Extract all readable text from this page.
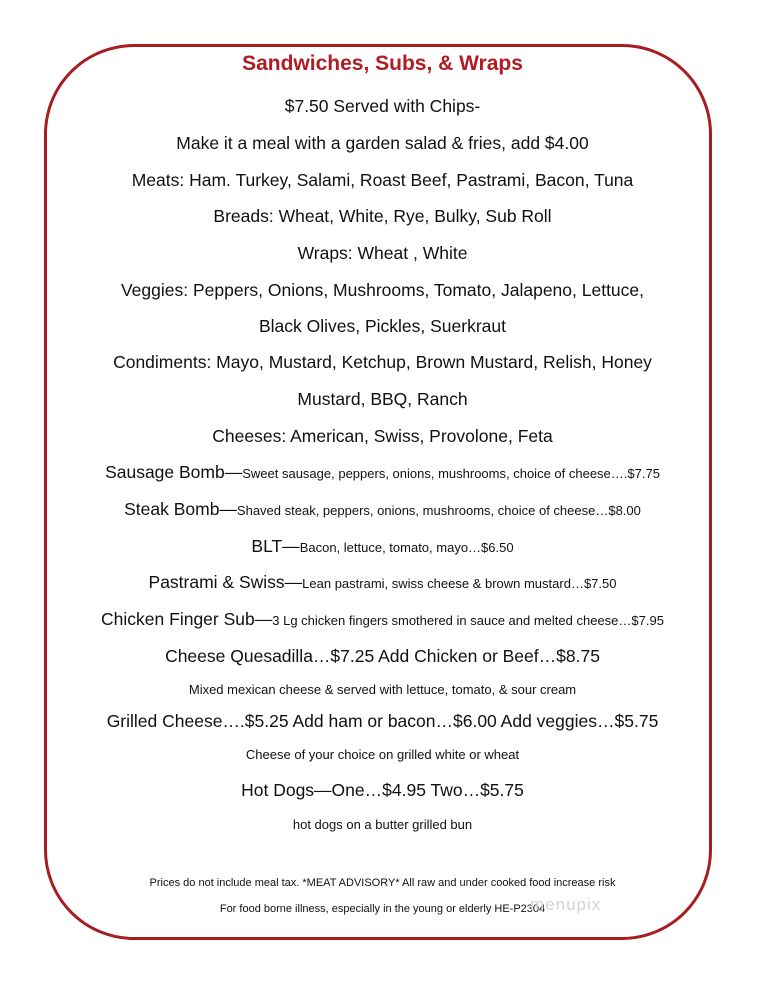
Sandwiches, Subs, & Wraps
$7.50 Served with Chips-
Make it a meal with a garden salad & fries, add $4.00
Meats: Ham. Turkey, Salami, Roast Beef, Pastrami, Bacon, Tuna
Breads: Wheat, White, Rye, Bulky, Sub Roll
Wraps: Wheat , White
Veggies: Peppers, Onions, Mushrooms, Tomato, Jalapeno, Lettuce,
Black Olives, Pickles, Suerkraut
Condiments: Mayo, Mustard, Ketchup, Brown Mustard, Relish, Honey
Mustard, BBQ, Ranch
Cheeses: American, Swiss, Provolone, Feta
Sausage Bomb—Sweet sausage, peppers, onions, mushrooms, choice of cheese….$7.75
Steak Bomb—Shaved steak, peppers, onions, mushrooms, choice of cheese…$8.00
BLT—Bacon, lettuce, tomato, mayo…$6.50
Pastrami & Swiss—Lean pastrami, swiss cheese & brown mustard…$7.50
Chicken Finger Sub—3 Lg chicken fingers smothered in sauce and melted cheese…$7.95
Cheese Quesadilla…$7.25 Add Chicken or Beef…$8.75
Mixed mexican cheese & served with lettuce, tomato, & sour cream
Grilled Cheese….$5.25 Add ham or bacon…$6.00 Add veggies…$5.75
Cheese of your choice on grilled white or wheat
Hot Dogs—One…$4.95 Two…$5.75
hot dogs on a butter grilled bun
Prices do not include meal tax. *MEAT ADVISORY* All raw and under cooked food increase risk
For food borne illness, especially in the young or elderly HE-P2304
menupix
